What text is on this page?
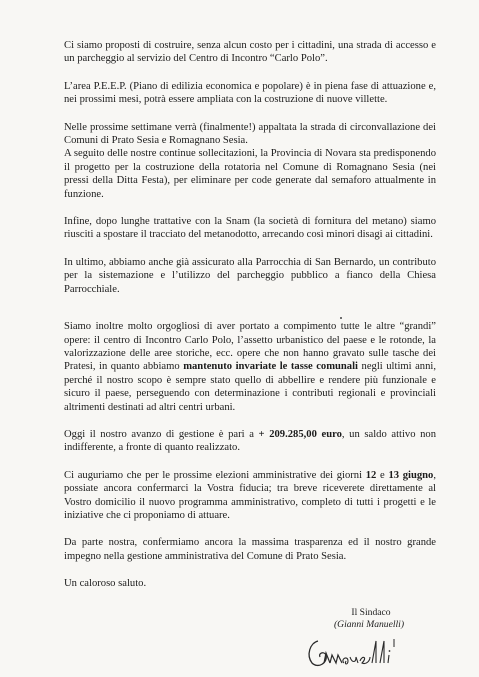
Ci siamo proposti di costruire, senza alcun costo per i cittadini, una strada di accesso e un parcheggio al servizio del Centro di Incontro “Carlo Polo”.
L’area P.E.E.P. (Piano di edilizia economica e popolare) è in piena fase di attuazione e, nei prossimi mesi, potrà essere ampliata con la costruzione di nuove villette.
Nelle prossime settimane verrà (finalmente!) appaltata la strada di circonvallazione dei Comuni di Prato Sesia e Romagnano Sesia.
A seguito delle nostre continue sollecitazioni, la Provincia di Novara sta predisponendo il progetto per la costruzione della rotatoria nel Comune di Romagnano Sesia (nei pressi della Ditta Festa), per eliminare per code generate dal semaforo attualmente in funzione.
Infine, dopo lunghe trattative con la Snam (la società di fornitura del metano) siamo riusciti a spostare il tracciato del metanodotto, arrecando così minori disagi ai cittadini.
In ultimo, abbiamo anche già assicurato alla Parrocchia di San Bernardo, un contributo per la sistemazione e l’utilizzo del parcheggio pubblico a fianco della Chiesa Parrocchiale.
Siamo inoltre molto orgogliosi di aver portato a compimento tutte le altre “grandi” opere: il centro di Incontro Carlo Polo, l’assetto urbanistico del paese e le rotonde, la valorizzazione delle aree storiche, ecc. opere che non hanno gravato sulle tasche dei Pratesi, in quanto abbiamo mantenuto invariate le tasse comunali negli ultimi anni, perché il nostro scopo è sempre stato quello di abbellire e rendere più funzionale e sicuro il paese, perseguendo con determinazione i contributi regionali e provinciali altrimenti destinati ad altri centri urbani.
Oggi il nostro avanzo di gestione è pari a + 209.285,00 euro, un saldo attivo non indifferente, a fronte di quanto realizzato.
Ci auguriamo che per le prossime elezioni amministrative dei giorni 12 e 13 giugno, possiate ancora confermarci la Vostra fiducia; tra breve riceverete direttamente al Vostro domicilio il nuovo programma amministrativo, completo di tutti i progetti e le iniziative che ci proponiamo di attuare.
Da parte nostra, confermiamo ancora la massima trasparenza ed il nostro grande impegno nella gestione amministrativa del Comune di Prato Sesia.
Un caloroso saluto.
Il Sindaco
(Gianni Manuelli)
